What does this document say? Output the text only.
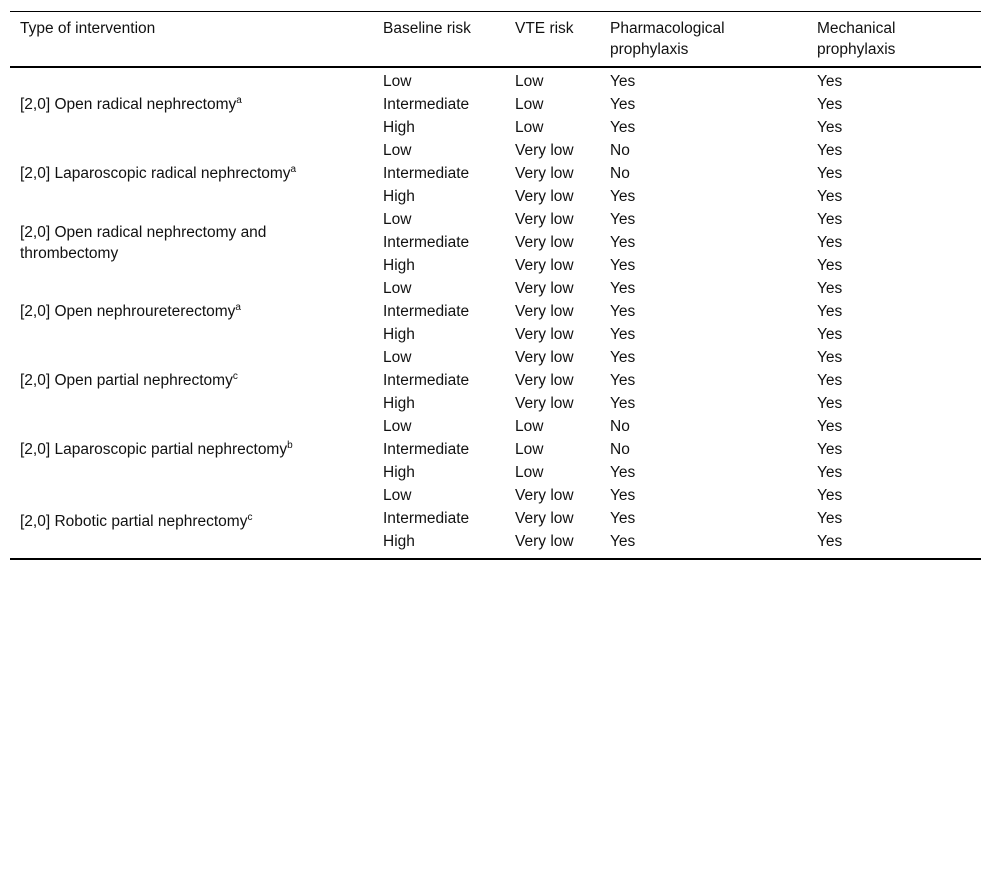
Type of intervention	Baseline risk	VTE risk	Pharmacological prophylaxis	Mechanical prophylaxis
[2,0] Open radical nephrectomy$^a$	Low	Low	Yes	Yes
	Intermediate	Low	Yes	Yes
	High	Low	Yes	Yes
[2,0] Laparoscopic radical nephrectomy$^a$	Low	Very low	No	Yes
	Intermediate	Very low	No	Yes
	High	Very low	Yes	Yes
[2,0] Open radical nephrectomy and thrombectomy	Low	Very low	Yes	Yes
	Intermediate	Very low	Yes	Yes
	High	Very low	Yes	Yes
[2,0] Open nephroureterectomy$^a$	Low	Very low	Yes	Yes
	Intermediate	Very low	Yes	Yes
	High	Very low	Yes	Yes
[2,0] Open partial nephrectomy$^c$	Low	Very low	Yes	Yes
	Intermediate	Very low	Yes	Yes
	High	Very low	Yes	Yes
[2,0] Laparoscopic partial nephrectomy$^b$	Low	Low	No	Yes
	Intermediate	Low	No	Yes
	High	Low	Yes	Yes
[2,0] Robotic partial nephrectomy$^c$	Low	Very low	Yes	Yes
	Intermediate	Very low	Yes	Yes
	High	Very low	Yes	Yes
